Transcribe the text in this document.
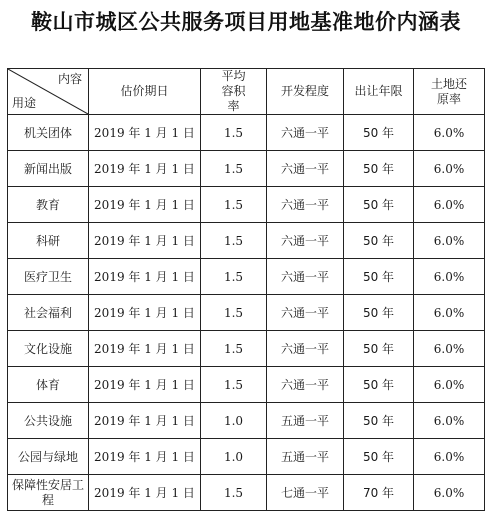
鞍山市城区公共服务项目用地基准地价内涵表
内容
用途	估价期日	平均容积率	开发程度	出让年限	土地还原率

机关团体	2019 年 1 月 1 日	1.5	六通一平	50 年	6.0%
新闻出版	2019 年 1 月 1 日	1.5	六通一平	50 年	6.0%
教育	2019 年 1 月 1 日	1.5	六通一平	50 年	6.0%
科研	2019 年 1 月 1 日	1.5	六通一平	50 年	6.0%
医疗卫生	2019 年 1 月 1 日	1.5	六通一平	50 年	6.0%
社会福利	2019 年 1 月 1 日	1.5	六通一平	50 年	6.0%
文化设施	2019 年 1 月 1 日	1.5	六通一平	50 年	6.0%
体育	2019 年 1 月 1 日	1.5	六通一平	50 年	6.0%
公共设施	2019 年 1 月 1 日	1.0	五通一平	50 年	6.0%
公园与绿地	2019 年 1 月 1 日	1.0	五通一平	50 年	6.0%
保障性安居工程	2019 年 1 月 1 日	1.5	七通一平	70 年	6.0%
